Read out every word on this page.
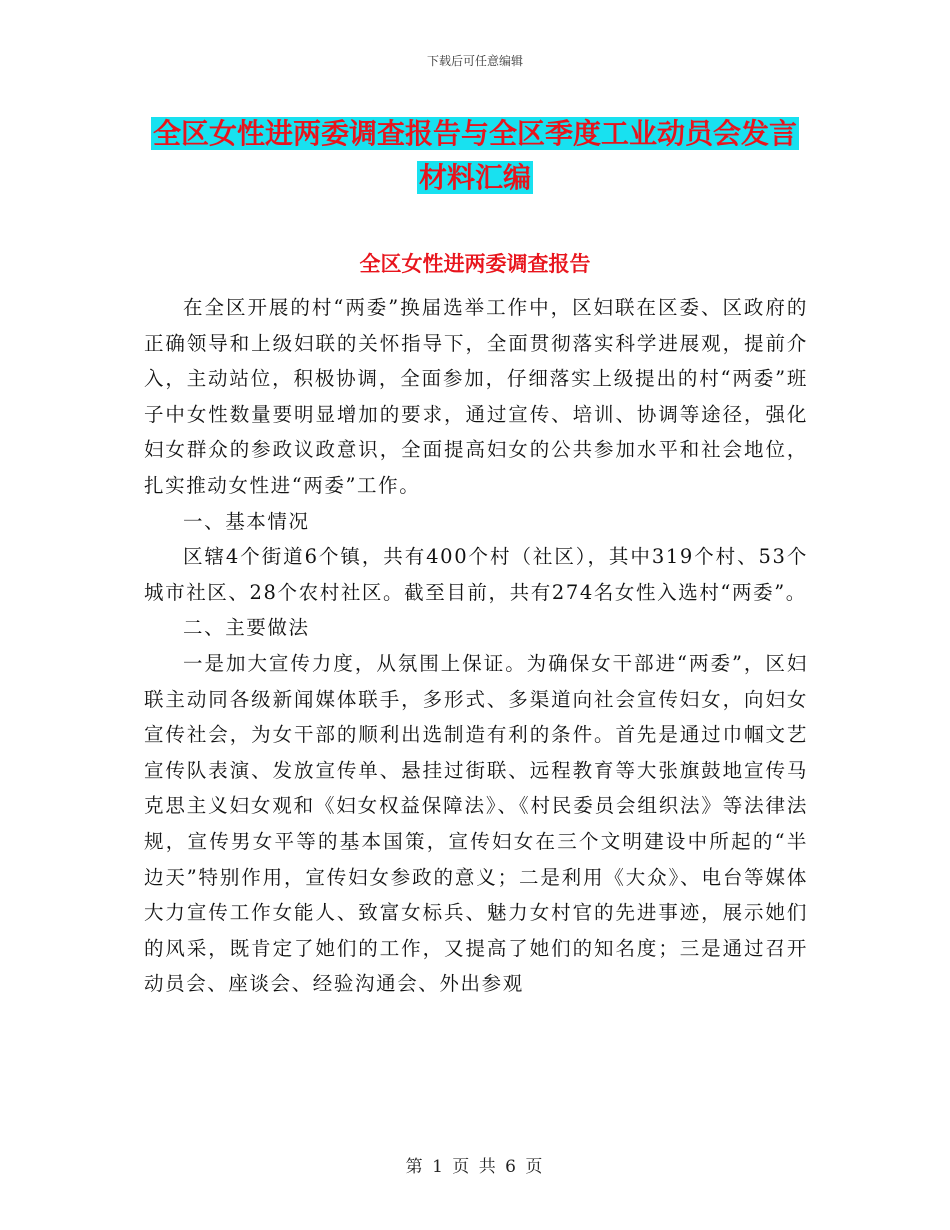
下载后可任意编辑
全区女性进两委调查报告与全区季度工业动员会发言
材料汇编
全区女性进两委调查报告

在全区开展的村“两委”换届选举工作中，区妇联在区委、区政府的正确领导和上级妇联的关怀指导下，全面贯彻落实科学进展观，提前介入，主动站位，积极协调，全面参加，仔细落实上级提出的村“两委”班子中女性数量要明显增加的要求，通过宣传、培训、协调等途径，强化妇女群众的参政议政意识，全面提高妇女的公共参加水平和社会地位，扎实推动女性进“两委”工作。

一、基本情况

区辖4个街道6个镇，共有400个村（社区），其中319个村、53个城市社区、28个农村社区。截至目前，共有274名女性入选村“两委”。

二、主要做法

一是加大宣传力度，从氛围上保证。为确保女干部进“两委”，区妇联主动同各级新闻媒体联手，多形式、多渠道向社会宣传妇女，向妇女宣传社会，为女干部的顺利出选制造有利的条件。首先是通过巾帼文艺宣传队表演、发放宣传单、悬挂过街联、远程教育等大张旗鼓地宣传马克思主义妇女观和《妇女权益保障法》、《村民委员会组织法》等法律法规，宣传男女平等的基本国策，宣传妇女在三个文明建设中所起的“半边天”特别作用，宣传妇女参政的意义；二是利用《大众》、电台等媒体大力宣传工作女能人、致富女标兵、魅力女村官的先进事迹，展示她们的风采，既肯定了她们的工作，又提高了她们的知名度；三是通过召开动员会、座谈会、经验沟通会、外出参观

第 1 页 共 6 页
